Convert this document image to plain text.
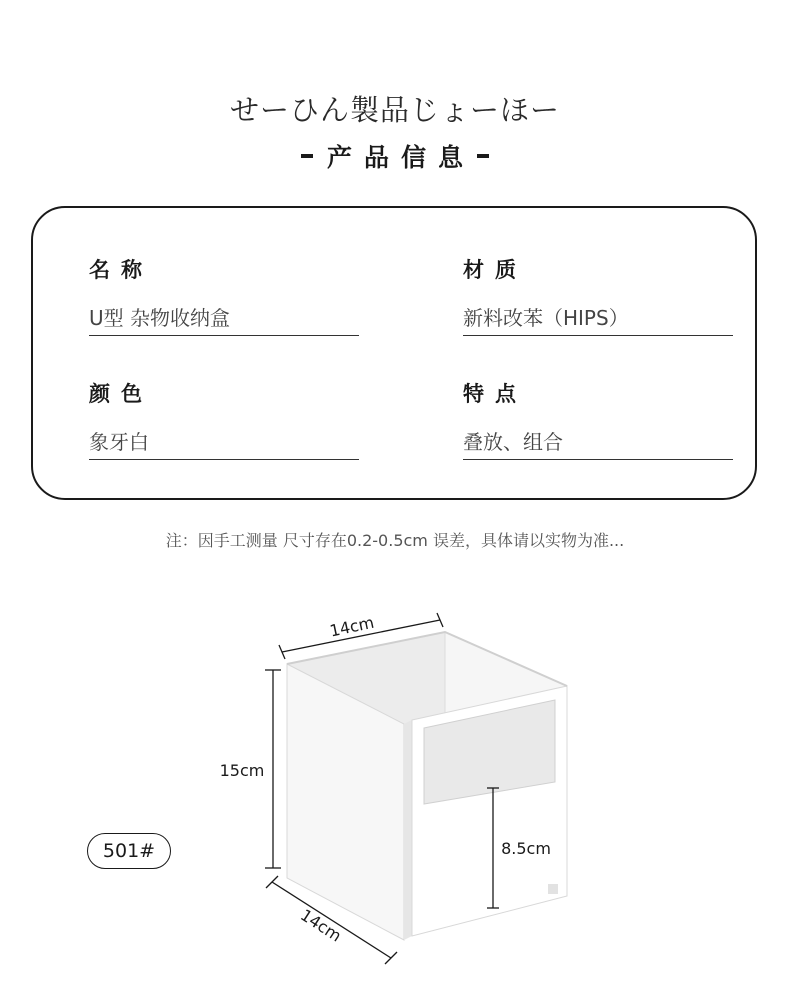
せーひん製品じょーほー
产品信息
名称
U型 杂物收纳盒
材质
新料改苯（HIPS）
颜色
象牙白
特点
叠放、组合
注：因手工测量 尺寸存在0.2-0.5cm 误差，具体请以实物为准...
14cm
15cm
14cm
8.5cm
501#
